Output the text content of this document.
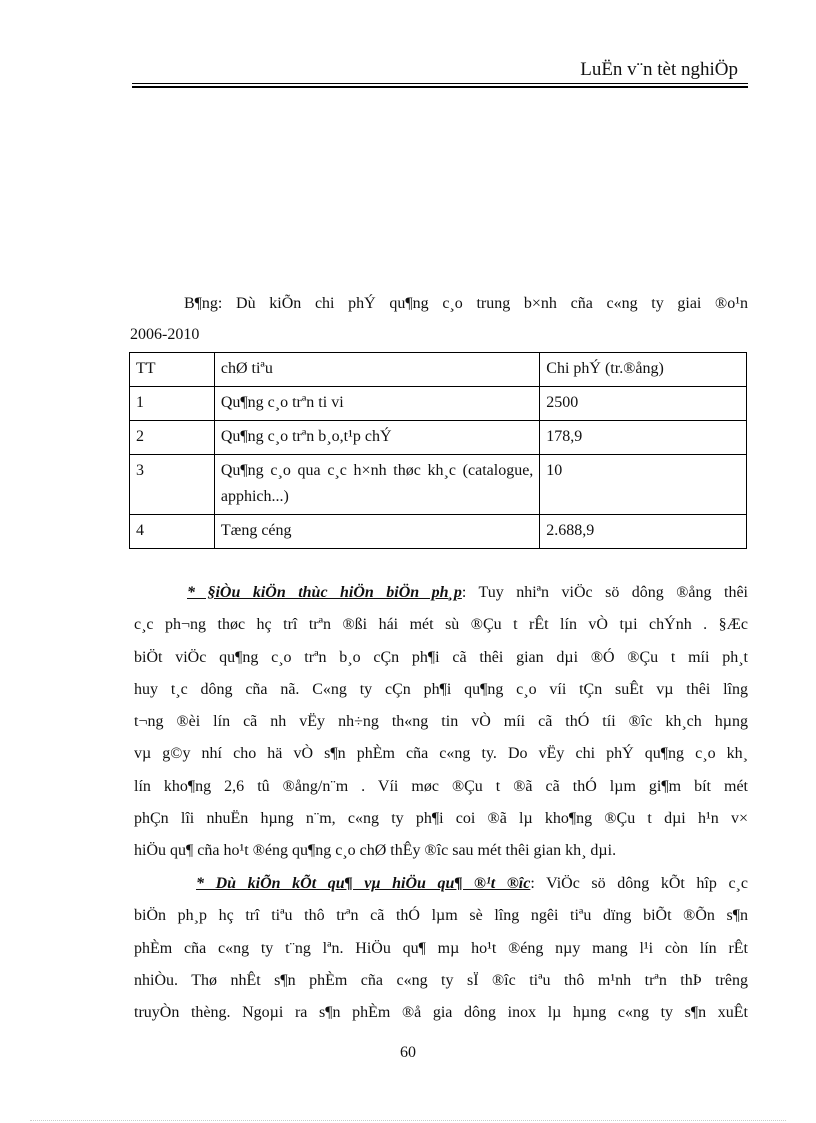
LuËn v¨n tèt nghiÖp
B¶ng: Dù kiÕn chi phÝ qu¶ng c¸o trung b×nh cña c«ng ty giai ®o¹n
2006-2010
TT	chØ tiªu	Chi phÝ (tr.®ång)
1	Qu¶ng c¸o trªn ti vi	2500
2	Qu¶ng c¸o trªn b¸o,t¹p chÝ	178,9
3	Qu¶ng c¸o qua c¸c h×nh thøc kh¸c (catalogue, apphich...)	10
4	Tæng céng	2.688,9
* §iÒu kiÖn thùc hiÖn biÖn ph¸p: Tuy nhiªn viÖc sö dông ®ång thêi
c¸c ph¬ng thøc hç trî trªn ®ßi hái mét sù ®Çu t rÊt lín vÒ tµi chÝnh . §Æc
biÖt viÖc qu¶ng c¸o trªn b¸o cÇn ph¶i cã thêi gian dµi ®Ó ®Çu t míi ph¸t
huy t¸c dông cña nã. C«ng ty cÇn ph¶i qu¶ng c¸o víi tÇn suÊt vµ thêi lîng
t¬ng ®èi lín cã nh vËy nh÷ng th«ng tin vÒ míi cã thÓ tíi ®îc kh¸ch hµng
vµ g©y nhí cho hä vÒ s¶n phÈm cña c«ng ty. Do vËy chi phÝ qu¶ng c¸o kh¸
lín kho¶ng 2,6 tû ®ång/n¨m . Víi møc ®Çu t ®ã cã thÓ lµm gi¶m bít mét
phÇn lîi nhuËn hµng n¨m, c«ng ty ph¶i coi ®ã lµ kho¶ng ®Çu t dµi h¹n v×
hiÖu qu¶ cña ho¹t ®éng qu¶ng c¸o chØ thÊy ®îc sau mét thêi gian kh¸ dµi.
* Dù kiÕn kÕt qu¶ vµ hiÖu qu¶ ®¹t ®îc: ViÖc sö dông kÕt hîp c¸c
biÖn ph¸p hç trî tiªu thô trªn cã thÓ lµm sè lîng ngêi tiªu dïng biÕt ®Õn s¶n
phÈm cña c«ng ty t¨ng lªn. HiÖu qu¶ mµ ho¹t ®éng nµy mang l¹i còn lín rÊt
nhiÒu. Thø nhÊt s¶n phÈm cña c«ng ty sÏ ®îc tiªu thô m¹nh trªn thÞ trêng
truyÒn thèng. Ngoµi ra s¶n phÈm ®å gia dông inox lµ hµng c«ng ty s¶n xuÊt
60
